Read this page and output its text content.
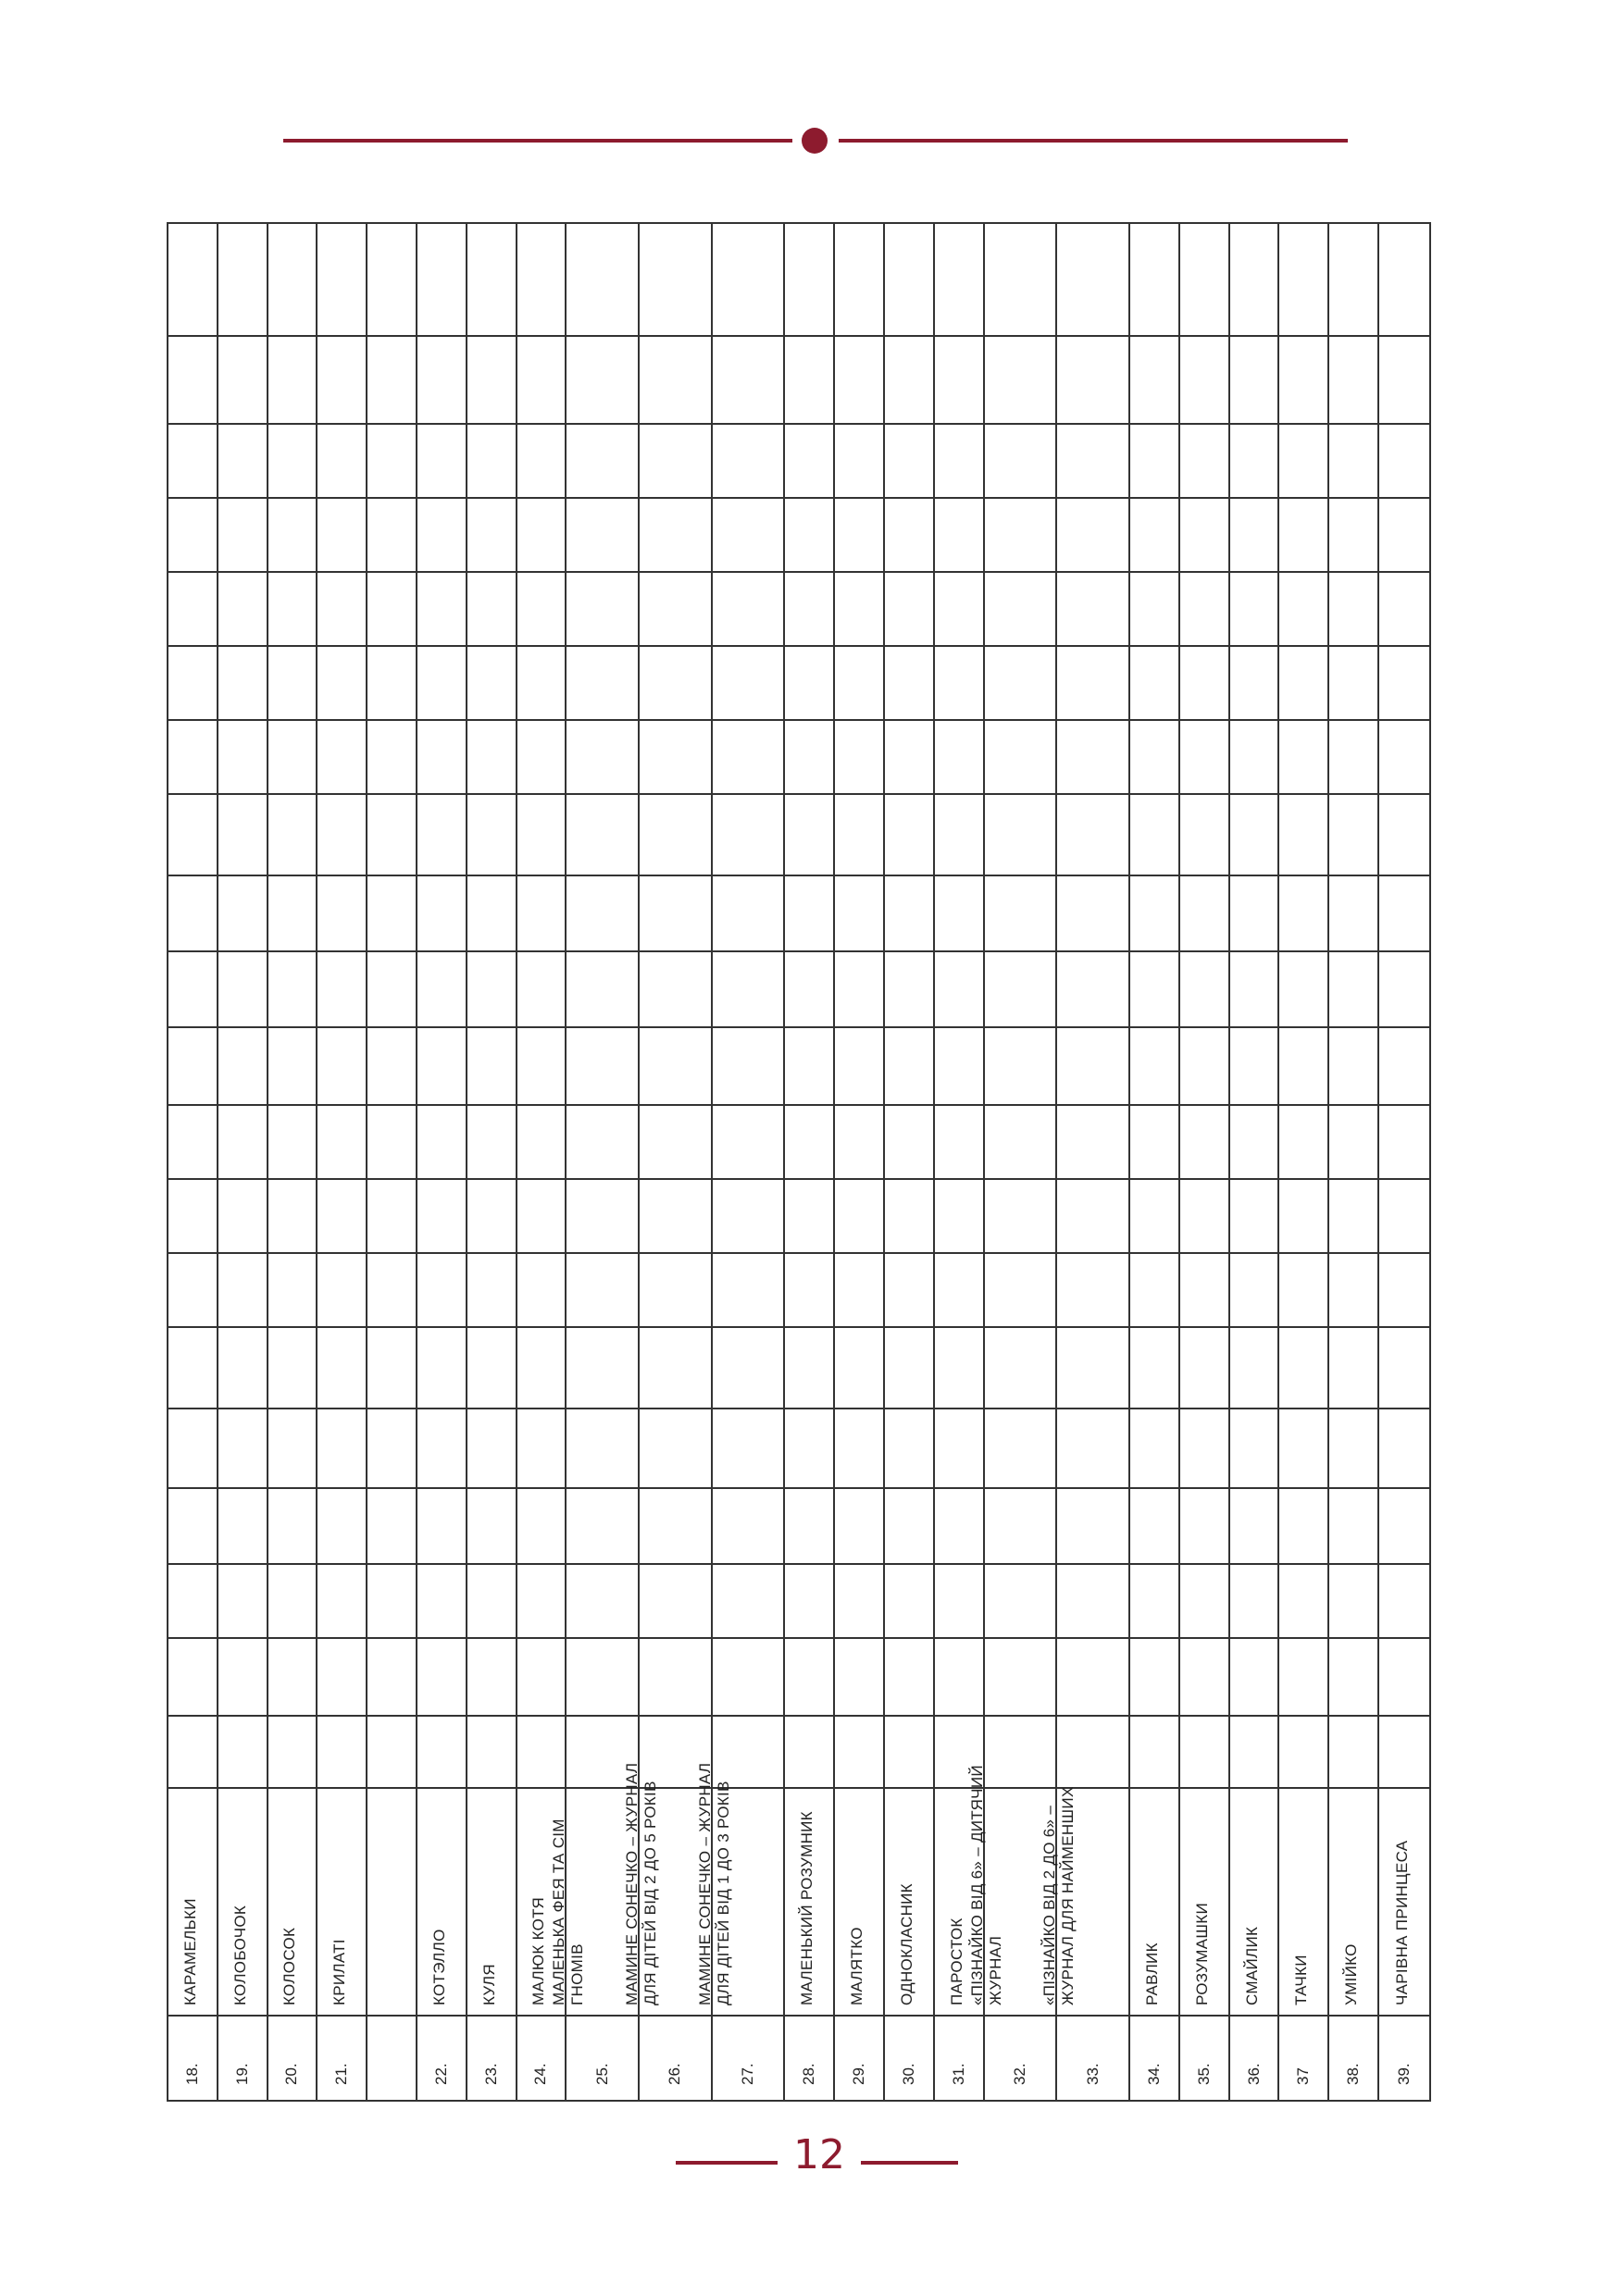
КАРАМЕЛЬКИ
18.
КОЛОБОЧОК
19.
КОЛОСОК
20.
КРИЛАТІ
21.
КОТЭЛЛО
22.
КУЛЯ
23.
МАЛЮК КОТЯ
24.
МАЛЕНЬКА ФЕЯ ТА СІМ
ГНОМІВ
25.
МАМИНЕ СОНЕЧКО – ЖУРНАЛ
ДЛЯ ДІТЕЙ ВІД 2 ДО 5 РОКІВ
26.
МАМИНЕ СОНЕЧКО – ЖУРНАЛ
ДЛЯ ДІТЕЙ ВІД 1 ДО 3 РОКІВ
27.
МАЛЕНЬКИЙ РОЗУМНИК
28.
МАЛЯТКО
29.
ОДНОКЛАСНИК
30.
ПАРОСТОК
31.
«ПІЗНАЙКО ВІД 6» – ДИТЯЧИЙ
ЖУРНАЛ
32.
«ПІЗНАЙКО ВІД 2 ДО 6» –
ЖУРНАЛ ДЛЯ НАЙМЕНШИХ
33.
РАВЛИК
34.
РОЗУМАШКИ
35.
СМАЙЛИК
36.
ТАЧКИ
37
УМІЙКО
38.
ЧАРІВНА ПРИНЦЕСА
39.
12
